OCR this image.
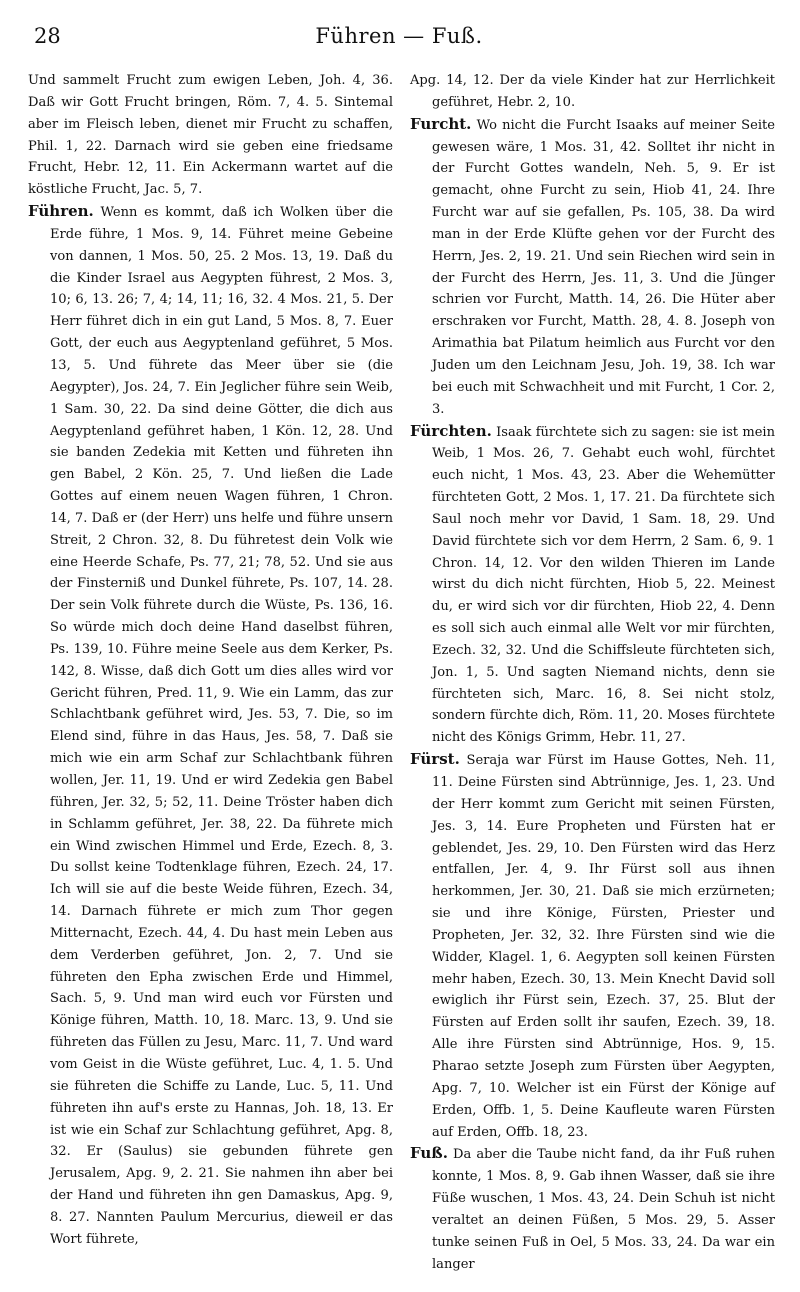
28	Führen — Fuß.

Und sammelt Frucht zum ewigen Leben, Joh. 4, 36. Daß wir Gott Frucht bringen, Röm. 7, 4. 5. Sintemal aber im Fleisch leben, dienet mir Frucht zu schaffen, Phil. 1, 22. Darnach wird sie geben eine friedsame Frucht, Hebr. 12, 11. Ein Ackermann wartet auf die köstliche Frucht, Jac. 5, 7.

Führen. Wenn es kommt, daß ich Wolken über die Erde führe, 1 Mos. 9, 14. Führet meine Gebeine von dannen, 1 Mos. 50, 25. 2 Mos. 13, 19. Daß du die Kinder Israel aus Aegypten führest, 2 Mos. 3, 10; 6, 13. 26; 7, 4; 14, 11; 16, 32. 4 Mos. 21, 5. Der Herr führet dich in ein gut Land, 5 Mos. 8, 7. Euer Gott, der euch aus Aegyptenland geführet, 5 Mos. 13, 5. Und führete das Meer über sie (die Aegypter), Jos. 24, 7. Ein Jeglicher führe sein Weib, 1 Sam. 30, 22. Da sind deine Götter, die dich aus Aegyptenland geführet haben, 1 Kön. 12, 28. Und sie banden Zedekia mit Ketten und führeten ihn gen Babel, 2 Kön. 25, 7. Und ließen die Lade Gottes auf einem neuen Wagen führen, 1 Chron. 14, 7. Daß er (der Herr) uns helfe und führe unsern Streit, 2 Chron. 32, 8. Du führetest dein Volk wie eine Heerde Schafe, Ps. 77, 21; 78, 52. Und sie aus der Finsterniß und Dunkel führete, Ps. 107, 14. 28. Der sein Volk führete durch die Wüste, Ps. 136, 16. So würde mich doch deine Hand daselbst führen, Ps. 139, 10. Führe meine Seele aus dem Kerker, Ps. 142, 8. Wisse, daß dich Gott um dies alles wird vor Gericht führen, Pred. 11, 9. Wie ein Lamm, das zur Schlachtbank geführet wird, Jes. 53, 7. Die, so im Elend sind, führe in das Haus, Jes. 58, 7. Daß sie mich wie ein arm Schaf zur Schlachtbank führen wollen, Jer. 11, 19. Und er wird Zedekia gen Babel führen, Jer. 32, 5; 52, 11. Deine Tröster haben dich in Schlamm geführet, Jer. 38, 22. Da führete mich ein Wind zwischen Himmel und Erde, Ezech. 8, 3. Du sollst keine Todtenklage führen, Ezech. 24, 17. Ich will sie auf die beste Weide führen, Ezech. 34, 14. Darnach führete er mich zum Thor gegen Mitternacht, Ezech. 44, 4. Du hast mein Leben aus dem Verderben geführet, Jon. 2, 7. Und sie führeten den Epha zwischen Erde und Himmel, Sach. 5, 9. Und man wird euch vor Fürsten und Könige führen, Matth. 10, 18. Marc. 13, 9. Und sie führeten das Füllen zu Jesu, Marc. 11, 7. Und ward vom Geist in die Wüste geführet, Luc. 4, 1. 5. Und sie führeten die Schiffe zu Lande, Luc. 5, 11. Und führeten ihn auf's erste zu Hannas, Joh. 18, 13. Er ist wie ein Schaf zur Schlachtung geführet, Apg. 8, 32. Er (Saulus) sie gebunden führete gen Jerusalem, Apg. 9, 2. 21. Sie nahmen ihn aber bei der Hand und führeten ihn gen Damaskus, Apg. 9, 8. 27. Nannten Paulum Mercurius, dieweil er das Wort führete,

Apg. 14, 12. Der da viele Kinder hat zur Herrlichkeit geführet, Hebr. 2, 10.

Furcht. Wo nicht die Furcht Isaaks auf meiner Seite gewesen wäre, 1 Mos. 31, 42. Solltet ihr nicht in der Furcht Gottes wandeln, Neh. 5, 9. Er ist gemacht, ohne Furcht zu sein, Hiob 41, 24. Ihre Furcht war auf sie gefallen, Ps. 105, 38. Da wird man in der Erde Klüfte gehen vor der Furcht des Herrn, Jes. 2, 19. 21. Und sein Riechen wird sein in der Furcht des Herrn, Jes. 11, 3. Und die Jünger schrien vor Furcht, Matth. 14, 26. Die Hüter aber erschraken vor Furcht, Matth. 28, 4. 8. Joseph von Arimathia bat Pilatum heimlich aus Furcht vor den Juden um den Leichnam Jesu, Joh. 19, 38. Ich war bei euch mit Schwachheit und mit Furcht, 1 Cor. 2, 3.

Fürchten. Isaak fürchtete sich zu sagen: sie ist mein Weib, 1 Mos. 26, 7. Gehabt euch wohl, fürchtet euch nicht, 1 Mos. 43, 23. Aber die Wehemütter fürchteten Gott, 2 Mos. 1, 17. 21. Da fürchtete sich Saul noch mehr vor David, 1 Sam. 18, 29. Und David fürchtete sich vor dem Herrn, 2 Sam. 6, 9. 1 Chron. 14, 12. Vor den wilden Thieren im Lande wirst du dich nicht fürchten, Hiob 5, 22. Meinest du, er wird sich vor dir fürchten, Hiob 22, 4. Denn es soll sich auch einmal alle Welt vor mir fürchten, Ezech. 32, 32. Und die Schiffsleute fürchteten sich, Jon. 1, 5. Und sagten Niemand nichts, denn sie fürchteten sich, Marc. 16, 8. Sei nicht stolz, sondern fürchte dich, Röm. 11, 20. Moses fürchtete nicht des Königs Grimm, Hebr. 11, 27.

Fürst. Seraja war Fürst im Hause Gottes, Neh. 11, 11. Deine Fürsten sind Abtrünnige, Jes. 1, 23. Und der Herr kommt zum Gericht mit seinen Fürsten, Jes. 3, 14. Eure Propheten und Fürsten hat er geblendet, Jes. 29, 10. Den Fürsten wird das Herz entfallen, Jer. 4, 9. Ihr Fürst soll aus ihnen herkommen, Jer. 30, 21. Daß sie mich erzürneten; sie und ihre Könige, Fürsten, Priester und Propheten, Jer. 32, 32. Ihre Fürsten sind wie die Widder, Klagel. 1, 6. Aegypten soll keinen Fürsten mehr haben, Ezech. 30, 13. Mein Knecht David soll ewiglich ihr Fürst sein, Ezech. 37, 25. Blut der Fürsten auf Erden sollt ihr saufen, Ezech. 39, 18. Alle ihre Fürsten sind Abtrünnige, Hos. 9, 15. Pharao setzte Joseph zum Fürsten über Aegypten, Apg. 7, 10. Welcher ist ein Fürst der Könige auf Erden, Offb. 1, 5. Deine Kaufleute waren Fürsten auf Erden, Offb. 18, 23.

Fuß. Da aber die Taube nicht fand, da ihr Fuß ruhen konnte, 1 Mos. 8, 9. Gab ihnen Wasser, daß sie ihre Füße wuschen, 1 Mos. 43, 24. Dein Schuh ist nicht veraltet an deinen Füßen, 5 Mos. 29, 5. Asser tunke seinen Fuß in Oel, 5 Mos. 33, 24. Da war ein langer
